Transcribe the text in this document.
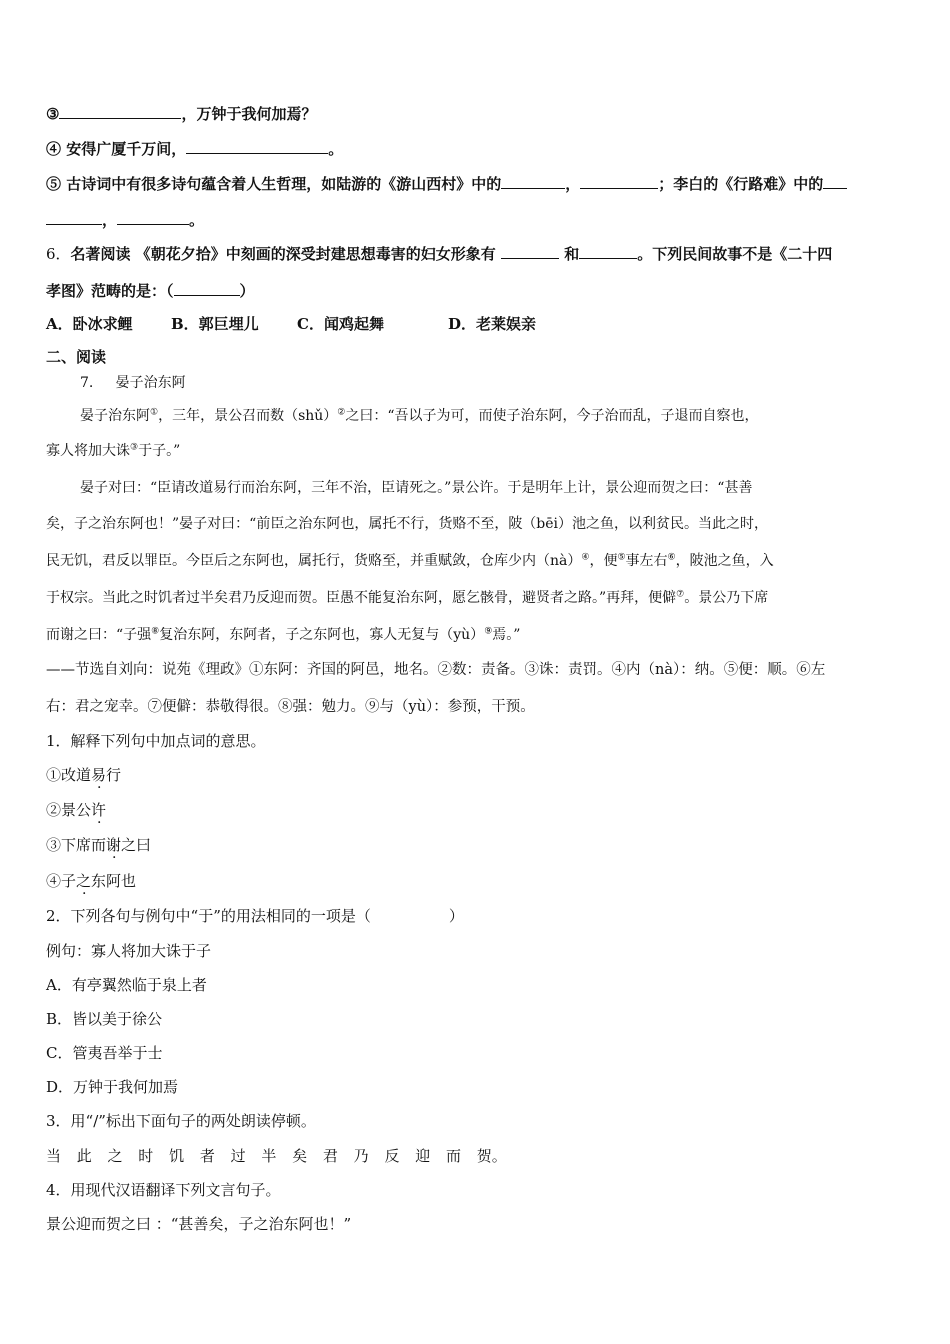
③	，万钟于我何加焉？
④ 安得广厦千万间，	。
⑤ 古诗词中有很多诗句蕴含着人生哲理，如陆游的《游山西村》中的	，	；李白的《行路难》中的
，	。
6．名著阅读 《朝花夕拾》中刻画的深受封建思想毒害的妇女形象有	和	。下列民间故事不是《二十四
孝图》范畴的是：（	）
A．卧冰求鲤	B．郭巨埋儿	C．闻鸡起舞	D．老莱娱亲
二、阅读
7.     晏子治东阿
晏子治东阿①，三年，景公召而数（shǔ）②之曰：“吾以子为可，而使子治东阿，今子治而乱，子退而自察也，
寡人将加大诛③于子。”
晏子对曰：“臣请改道易行而治东阿，三年不治，臣请死之。”景公许。于是明年上计，景公迎而贺之曰：“甚善
矣，子之治东阿也！”晏子对曰：“前臣之治东阿也，属托不行，货赂不至，陂（bēi）池之鱼，以利贫民。当此之时，
民无饥，君反以罪臣。今臣后之东阿也，属托行，货赂至，并重赋敛，仓库少内（nà）④，便⑤事左右⑥，陂池之鱼，入
于权宗。当此之时饥者过半矣君乃反迎而贺。臣愚不能复治东阿，愿乞骸骨，避贤者之路。”再拜，便僻⑦。景公乃下席
而谢之曰：“子强⑧复治东阿，东阿者，子之东阿也，寡人无复与（yù）⑨焉。”
——节选自刘向：说苑《理政》①东阿：齐国的阿邑，地名。②数：责备。③诛：责罚。④内（nà）：纳。⑤便：顺。⑥左
右：君之宠幸。⑦便僻：恭敬得很。⑧强：勉力。⑨与（yù）：参预，干预。
1．解释下列句中加点词的意思。
①改道易行
②景公许
③下席而谢之曰
④子之东阿也
2．下列各句与例句中“于”的用法相同的一项是（	）
例句：寡人将加大诛于子
A．有亭翼然临于泉上者
B．皆以美于徐公
C．管夷吾举于士
D．万钟于我何加焉
3．用“/”标出下面句子的两处朗读停顿。
当 此 之 时 饥 者 过 半 矣 君 乃 反 迎 而 贺。
4．用现代汉语翻译下列文言句子。
景公迎而贺之曰 ：“甚善矣，子之治东阿也！”
